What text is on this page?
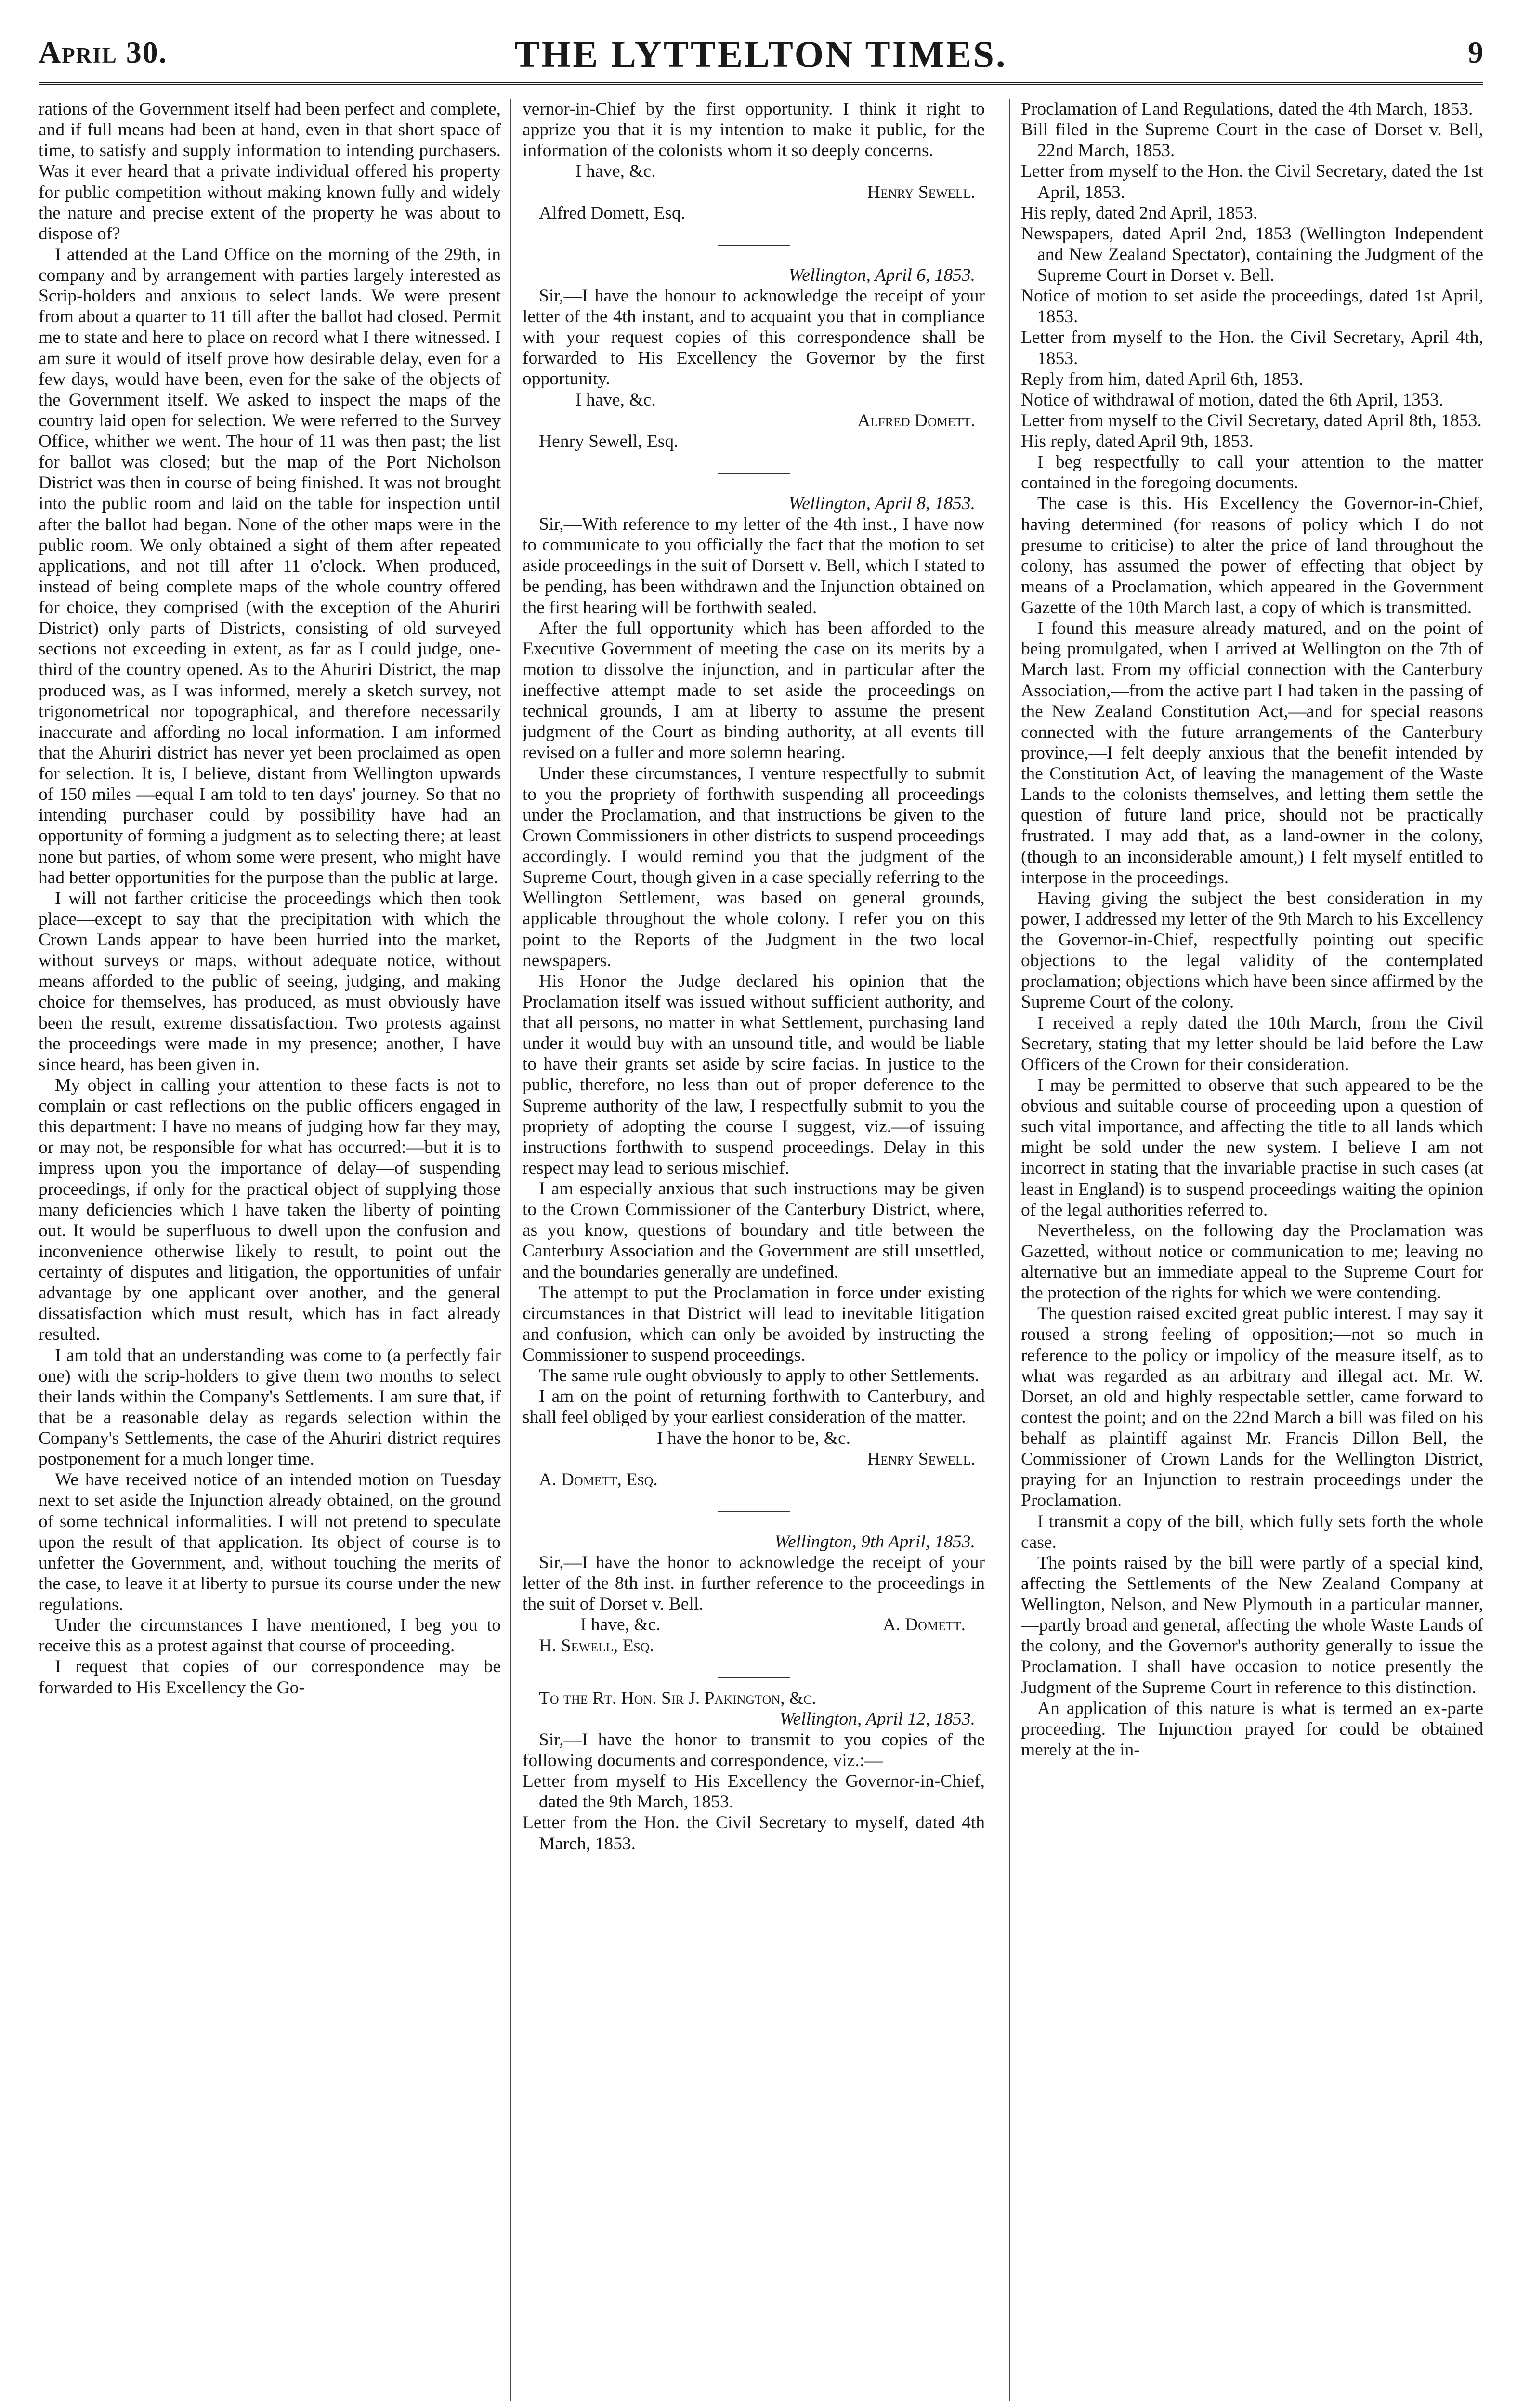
April 30.	THE LYTTELTON TIMES.	9

rations of the Government itself had been perfect and complete, and if full means had been at hand, even in that short space of time, to satisfy and supply information to intending purchasers. Was it ever heard that a private individual offered his property for public competition without making known fully and widely the nature and precise extent of the property he was about to dispose of?

I attended at the Land Office on the morning of the 29th, in company and by arrangement with parties largely interested as Scrip-holders and anxious to select lands. We were present from about a quarter to 11 till after the ballot had closed. Permit me to state and here to place on record what I there witnessed. I am sure it would of itself prove how desirable delay, even for a few days, would have been, even for the sake of the objects of the Government itself. We asked to inspect the maps of the country laid open for selection. We were referred to the Survey Office, whither we went. The hour of 11 was then past; the list for ballot was closed; but the map of the Port Nicholson District was then in course of being finished. It was not brought into the public room and laid on the table for inspection until after the ballot had began. None of the other maps were in the public room. We only obtained a sight of them after repeated applications, and not till after 11 o'clock. When produced, instead of being complete maps of the whole country offered for choice, they comprised (with the exception of the Ahuriri District) only parts of Districts, consisting of old surveyed sections not exceeding in extent, as far as I could judge, one-third of the country opened. As to the Ahuriri District, the map produced was, as I was informed, merely a sketch survey, not trigonometrical nor topographical, and therefore necessarily inaccurate and affording no local information. I am informed that the Ahuriri district has never yet been proclaimed as open for selection. It is, I believe, distant from Wellington upwards of 150 miles —equal I am told to ten days' journey. So that no intending purchaser could by possibility have had an opportunity of forming a judgment as to selecting there; at least none but parties, of whom some were present, who might have had better opportunities for the purpose than the public at large.

I will not farther criticise the proceedings which then took place—except to say that the precipitation with which the Crown Lands appear to have been hurried into the market, without surveys or maps, without adequate notice, without means afforded to the public of seeing, judging, and making choice for themselves, has produced, as must obviously have been the result, extreme dissatisfaction. Two protests against the proceedings were made in my presence; another, I have since heard, has been given in.

My object in calling your attention to these facts is not to complain or cast reflections on the public officers engaged in this department: I have no means of judging how far they may, or may not, be responsible for what has occurred:—but it is to impress upon you the importance of delay—of suspending proceedings, if only for the practical object of supplying those many deficiencies which I have taken the liberty of pointing out. It would be superfluous to dwell upon the confusion and inconvenience otherwise likely to result, to point out the certainty of disputes and litigation, the opportunities of unfair advantage by one applicant over another, and the general dissatisfaction which must result, which has in fact already resulted.

I am told that an understanding was come to (a perfectly fair one) with the scrip-holders to give them two months to select their lands within the Company's Settlements. I am sure that, if that be a reasonable delay as regards selection within the Company's Settlements, the case of the Ahuriri district requires postponement for a much longer time.

We have received notice of an intended motion on Tuesday next to set aside the Injunction already obtained, on the ground of some technical informalities. I will not pretend to speculate upon the result of that application. Its object of course is to unfetter the Government, and, without touching the merits of the case, to leave it at liberty to pursue its course under the new regulations.

Under the circumstances I have mentioned, I beg you to receive this as a protest against that course of proceeding.

I request that copies of our correspondence may be forwarded to His Excellency the Go-

vernor-in-Chief by the first opportunity. I think it right to apprize you that it is my intention to make it public, for the information of the colonists whom it so deeply concerns.

I have, &c.

Henry Sewell.

Alfred Domett, Esq.

Wellington, April 6, 1853.

Sir,—I have the honour to acknowledge the receipt of your letter of the 4th instant, and to acquaint you that in compliance with your request copies of this correspondence shall be forwarded to His Excellency the Governor by the first opportunity.

I have, &c.

Alfred Domett.

Henry Sewell, Esq.

Wellington, April 8, 1853.

Sir,—With reference to my letter of the 4th inst., I have now to communicate to you officially the fact that the motion to set aside proceedings in the suit of Dorsett v. Bell, which I stated to be pending, has been withdrawn and the Injunction obtained on the first hearing will be forthwith sealed.

After the full opportunity which has been afforded to the Executive Government of meeting the case on its merits by a motion to dissolve the injunction, and in particular after the ineffective attempt made to set aside the proceedings on technical grounds, I am at liberty to assume the present judgment of the Court as binding authority, at all events till revised on a fuller and more solemn hearing.

Under these circumstances, I venture respectfully to submit to you the propriety of forthwith suspending all proceedings under the Proclamation, and that instructions be given to the Crown Commissioners in other districts to suspend proceedings accordingly. I would remind you that the judgment of the Supreme Court, though given in a case specially referring to the Wellington Settlement, was based on general grounds, applicable throughout the whole colony. I refer you on this point to the Reports of the Judgment in the two local newspapers.

His Honor the Judge declared his opinion that the Proclamation itself was issued without sufficient authority, and that all persons, no matter in what Settlement, purchasing land under it would buy with an unsound title, and would be liable to have their grants set aside by scire facias. In justice to the public, therefore, no less than out of proper deference to the Supreme authority of the law, I respectfully submit to you the propriety of adopting the course I suggest, viz.—of issuing instructions forthwith to suspend proceedings. Delay in this respect may lead to serious mischief.

I am especially anxious that such instructions may be given to the Crown Commissioner of the Canterbury District, where, as you know, questions of boundary and title between the Canterbury Association and the Government are still unsettled, and the boundaries generally are undefined.

The attempt to put the Proclamation in force under existing circumstances in that District will lead to inevitable litigation and confusion, which can only be avoided by instructing the Commissioner to suspend proceedings.

The same rule ought obviously to apply to other Settlements.

I am on the point of returning forthwith to Canterbury, and shall feel obliged by your earliest consideration of the matter.

I have the honor to be, &c.

Henry Sewell.

A. Domett, Esq.

Wellington, 9th April, 1853.

Sir,—I have the honor to acknowledge the receipt of your letter of the 8th inst. in further reference to the proceedings in the suit of Dorset v. Bell.

I have, &c.	A. Domett.

H. Sewell, Esq.

To the Rt. Hon. Sir J. Pakington, &c.

Wellington, April 12, 1853.

Sir,—I have the honor to transmit to you copies of the following documents and correspondence, viz.:—

Letter from myself to His Excellency the Governor-in-Chief, dated the 9th March, 1853.

Letter from the Hon. the Civil Secretary to myself, dated 4th March, 1853.

Proclamation of Land Regulations, dated the 4th March, 1853.

Bill filed in the Supreme Court in the case of Dorset v. Bell, 22nd March, 1853.

Letter from myself to the Hon. the Civil Secretary, dated the 1st April, 1853.

His reply, dated 2nd April, 1853.

Newspapers, dated April 2nd, 1853 (Wellington Independent and New Zealand Spectator), containing the Judgment of the Supreme Court in Dorset v. Bell.

Notice of motion to set aside the proceedings, dated 1st April, 1853.

Letter from myself to the Hon. the Civil Secretary, April 4th, 1853.

Reply from him, dated April 6th, 1853.

Notice of withdrawal of motion, dated the 6th April, 1353.

Letter from myself to the Civil Secretary, dated April 8th, 1853.

His reply, dated April 9th, 1853.

I beg respectfully to call your attention to the matter contained in the foregoing documents.

The case is this. His Excellency the Governor-in-Chief, having determined (for reasons of policy which I do not presume to criticise) to alter the price of land throughout the colony, has assumed the power of effecting that object by means of a Proclamation, which appeared in the Government Gazette of the 10th March last, a copy of which is transmitted.

I found this measure already matured, and on the point of being promulgated, when I arrived at Wellington on the 7th of March last. From my official connection with the Canterbury Association,—from the active part I had taken in the passing of the New Zealand Constitution Act,—and for special reasons connected with the future arrangements of the Canterbury province,—I felt deeply anxious that the benefit intended by the Constitution Act, of leaving the management of the Waste Lands to the colonists themselves, and letting them settle the question of future land price, should not be practically frustrated. I may add that, as a land-owner in the colony, (though to an inconsiderable amount,) I felt myself entitled to interpose in the proceedings.

Having giving the subject the best consideration in my power, I addressed my letter of the 9th March to his Excellency the Governor-in-Chief, respectfully pointing out specific objections to the legal validity of the contemplated proclamation; objections which have been since affirmed by the Supreme Court of the colony.

I received a reply dated the 10th March, from the Civil Secretary, stating that my letter should be laid before the Law Officers of the Crown for their consideration.

I may be permitted to observe that such appeared to be the obvious and suitable course of proceeding upon a question of such vital importance, and affecting the title to all lands which might be sold under the new system. I believe I am not incorrect in stating that the invariable practise in such cases (at least in England) is to suspend proceedings waiting the opinion of the legal authorities referred to.

Nevertheless, on the following day the Proclamation was Gazetted, without notice or communication to me; leaving no alternative but an immediate appeal to the Supreme Court for the protection of the rights for which we were contending.

The question raised excited great public interest. I may say it roused a strong feeling of opposition;—not so much in reference to the policy or impolicy of the measure itself, as to what was regarded as an arbitrary and illegal act. Mr. W. Dorset, an old and highly respectable settler, came forward to contest the point; and on the 22nd March a bill was filed on his behalf as plaintiff against Mr. Francis Dillon Bell, the Commissioner of Crown Lands for the Wellington District, praying for an Injunction to restrain proceedings under the Proclamation.

I transmit a copy of the bill, which fully sets forth the whole case.

The points raised by the bill were partly of a special kind, affecting the Settlements of the New Zealand Company at Wellington, Nelson, and New Plymouth in a particular manner,—partly broad and general, affecting the whole Waste Lands of the colony, and the Governor's authority generally to issue the Proclamation. I shall have occasion to notice presently the Judgment of the Supreme Court in reference to this distinction.

An application of this nature is what is termed an ex-parte proceeding. The Injunction prayed for could be obtained merely at the in-
